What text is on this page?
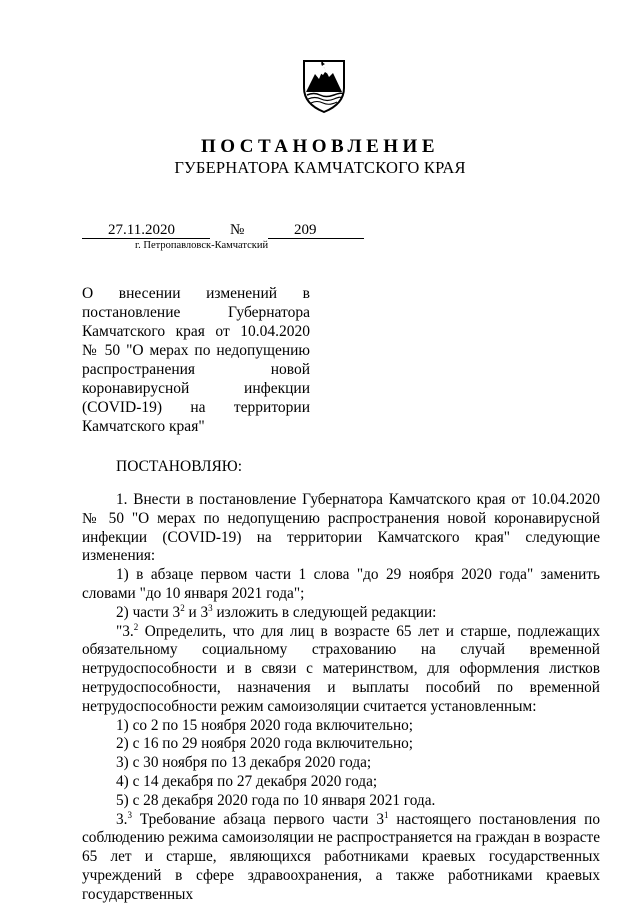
ПОСТАНОВЛЕНИЕ
ГУБЕРНАТОРА КАМЧАТСКОГО КРАЯ
27.11.2020	№	209
г. Петропавловск-Камчатский
О внесении изменений в
постановление Губернатора
Камчатского края от 10.04.2020
№ 50 "О мерах по недопущению
распространения новой
коронавирусной инфекции
(COVID-19) на территории
Камчатского края"
ПОСТАНОВЛЯЮ:

1. Внести в постановление Губернатора Камчатского края от 10.04.2020 № 50 "О мерах по недопущению распространения новой коронавирусной инфекции (COVID-19) на территории Камчатского края" следующие изменения:

1) в абзаце первом части 1 слова "до 29 ноября 2020 года" заменить словами "до 10 января 2021 года";

2) части $3^2$ и $3^3$ изложить в следующей редакции:

"3.$^2$ Определить, что для лиц в возрасте 65 лет и старше, подлежащих обязательному социальному страхованию на случай временной нетрудоспособности и в связи с материнством, для оформления листков нетрудоспособности, назначения и выплаты пособий по временной нетрудоспособности режим самоизоляции считается установленным:

1) со 2 по 15 ноября 2020 года включительно;

2) с 16 по 29 ноября 2020 года включительно;

3) с 30 ноября по 13 декабря 2020 года;

4) с 14 декабря по 27 декабря 2020 года;

5) с 28 декабря 2020 года по 10 января 2021 года.

3.$^3$ Требование абзаца первого части $3^1$ настоящего постановления по соблюдению режима самоизоляции не распространяется на граждан в возрасте 65 лет и старше, являющихся работниками краевых государственных учреждений в сфере здравоохранения, а также работниками краевых государственных
